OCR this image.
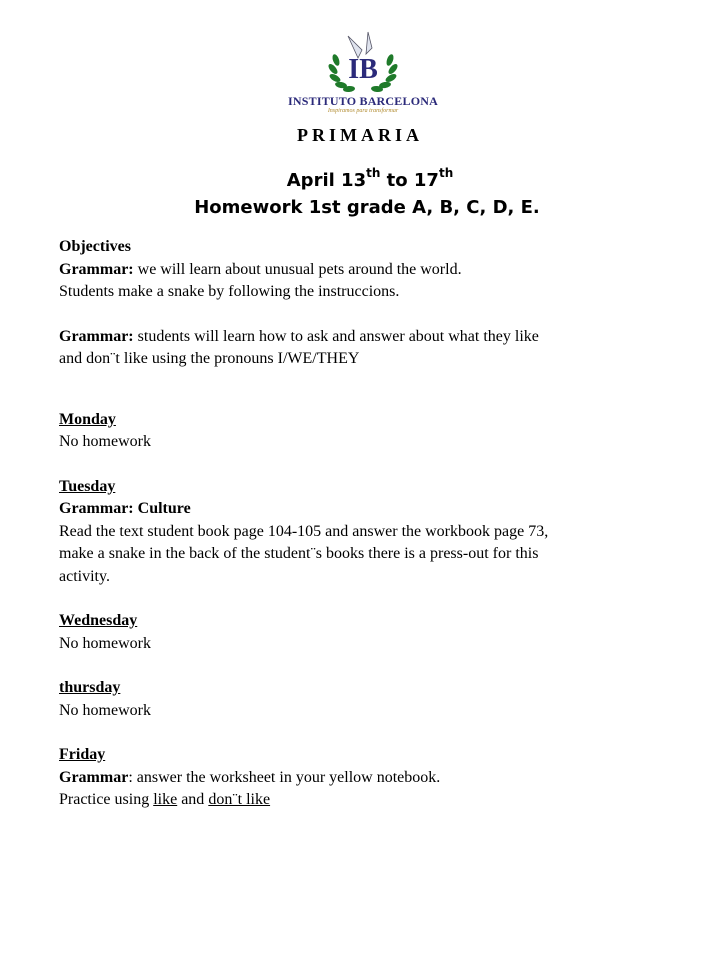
IB
INSTITUTO BARCELONA
Inspiramos para transformar
PRIMARIA
April 13th to 17th
Homework 1st grade A, B, C, D, E.
Objectives
Grammar: we will learn about unusual pets around the world.
Students make a snake by following the instruccions.
Grammar: students will learn how to ask and answer about what they like
and don¨t like using the pronouns I/WE/THEY
Monday
No homework
Tuesday
Grammar: Culture
Read the text student book page 104-105 and answer the workbook page 73,
make a snake in the back of the student¨s books there is a press-out for this
activity.
Wednesday
No homework
thursday
No homework
Friday
Grammar: answer the worksheet in your yellow notebook.
Practice using like and don¨t like
